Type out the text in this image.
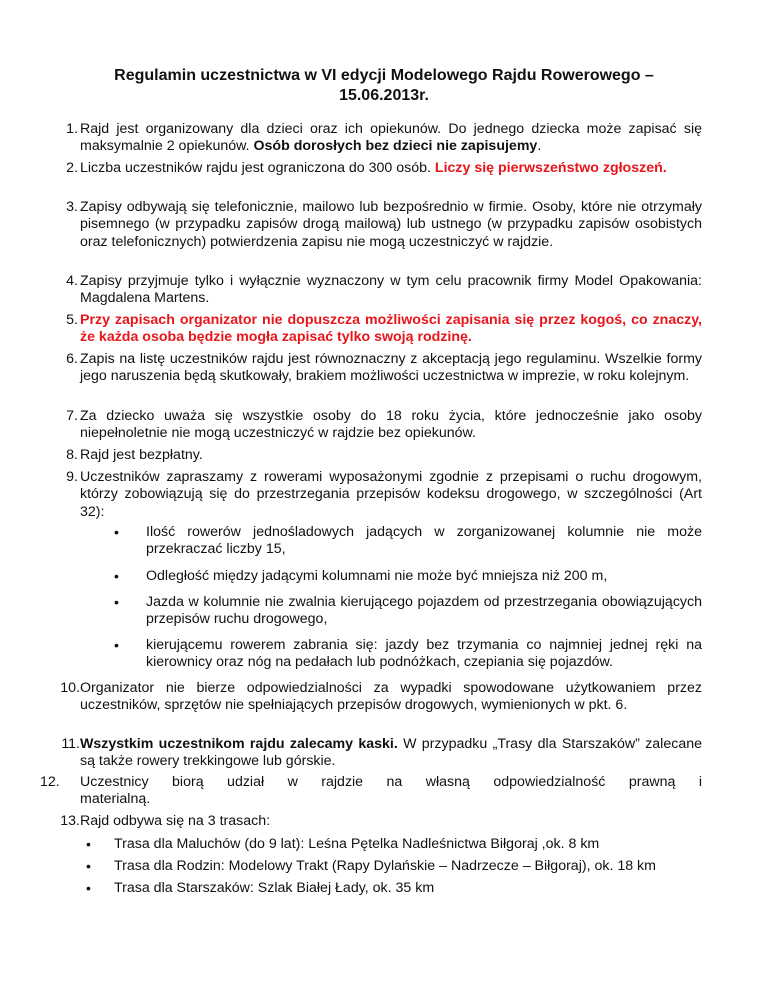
Regulamin uczestnictwa w VI edycji Modelowego Rajdu Rowerowego –
15.06.2013r.

1. Rajd jest organizowany dla dzieci oraz ich opiekunów. Do jednego dziecka może zapisać się maksymalnie 2 opiekunów. Osób dorosłych bez dzieci nie zapisujemy.

2. Liczba uczestników rajdu jest ograniczona do 300 osób. Liczy się pierwszeństwo zgłoszeń.

3. Zapisy odbywają się telefonicznie, mailowo lub bezpośrednio w firmie. Osoby, które nie otrzymały pisemnego (w przypadku zapisów drogą mailową) lub ustnego (w przypadku zapisów osobistych oraz telefonicznych) potwierdzenia zapisu nie mogą uczestniczyć w rajdzie.

4. Zapisy przyjmuje tylko i wyłącznie wyznaczony w tym celu pracownik firmy Model Opakowania: Magdalena Martens.

5. Przy zapisach organizator nie dopuszcza możliwości zapisania się przez kogoś, co znaczy, że każda osoba będzie mogła zapisać tylko swoją rodzinę.

6. Zapis na listę uczestników rajdu jest równoznaczny z akceptacją jego regulaminu. Wszelkie formy jego naruszenia będą skutkowały, brakiem możliwości uczestnictwa w imprezie, w roku kolejnym.

7. Za dziecko uważa się wszystkie osoby do 18 roku życia, które jednocześnie jako osoby niepełnoletnie nie mogą uczestniczyć w rajdzie bez opiekunów.

8. Rajd jest bezpłatny.

9. Uczestników zapraszamy z rowerami wyposażonymi zgodnie z przepisami o ruchu drogowym, którzy zobowiązują się do przestrzegania przepisów kodeksu drogowego, w szczególności (Art 32):

• Ilość rowerów jednośladowych jadących w zorganizowanej kolumnie nie może przekraczać liczby 15,

• Odległość między jadącymi kolumnami nie może być mniejsza niż 200 m,

• Jazda w kolumnie nie zwalnia kierującego pojazdem od przestrzegania obowiązujących przepisów ruchu drogowego,

• kierującemu rowerem zabrania się: jazdy bez trzymania co najmniej jednej ręki na kierownicy oraz nóg na pedałach lub podnóżkach, czepiania się pojazdów.

10. Organizator nie bierze odpowiedzialności za wypadki spowodowane użytkowaniem przez uczestników, sprzętów nie spełniających przepisów drogowych, wymienionych w pkt. 6.

11. Wszystkim uczestnikom rajdu zalecamy kaski. W przypadku „Trasy dla Starszaków” zalecane są także rowery trekkingowe lub górskie.

12.	Uczestnicy biorą udział w rajdzie na własną odpowiedzialność prawną i materialną.

13. Rajd odbywa się na 3 trasach:

• Trasa dla Maluchów (do 9 lat): Leśna Pętelka Nadleśnictwa Biłgoraj ,ok. 8 km

• Trasa dla Rodzin: Modelowy Trakt (Rapy Dylańskie – Nadrzecze – Biłgoraj), ok. 18 km

• Trasa dla Starszaków: Szlak Białej Łady, ok. 35 km
